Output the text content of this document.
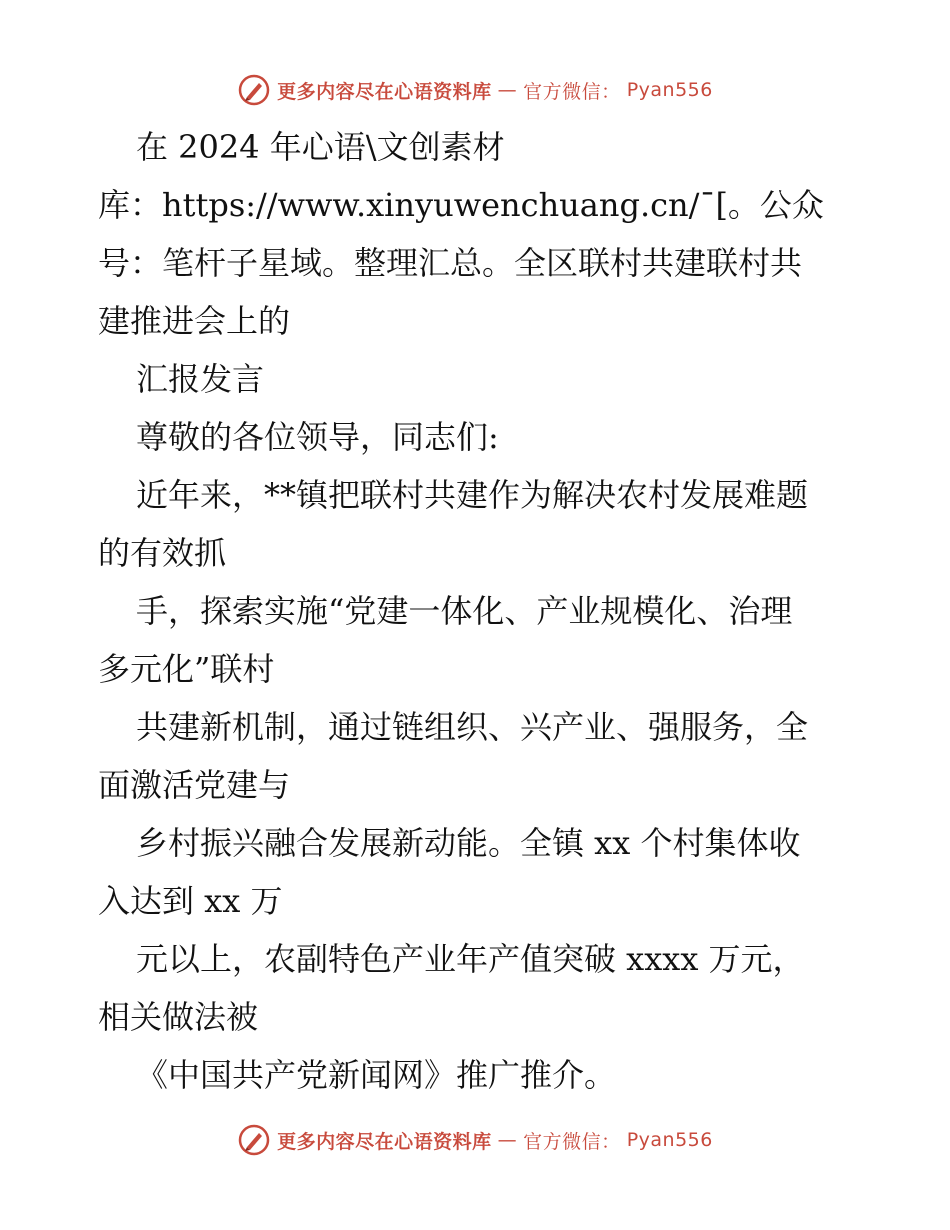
更多内容尽在心语资料库 — 官方微信： Pyan556

在 2024 年心语\文创素材

库：https://www.xinyuwenchuang.cn/¯[。公众

号：笔杆子星域。整理汇总。全区联村共建联村共

建推进会上的

汇报发言

尊敬的各位领导，同志们:

近年来，**镇把联村共建作为解决农村发展难题

的有效抓

手，探索实施“党建一体化、产业规模化、治理

多元化”联村

共建新机制，通过链组织、兴产业、强服务，全

面激活党建与

乡村振兴融合发展新动能。全镇 xx 个村集体收

入达到 xx 万

元以上，农副特色产业年产值突破 xxxx 万元，

相关做法被

《中国共产党新闻网》推广推介。

更多内容尽在心语资料库 — 官方微信： Pyan556
